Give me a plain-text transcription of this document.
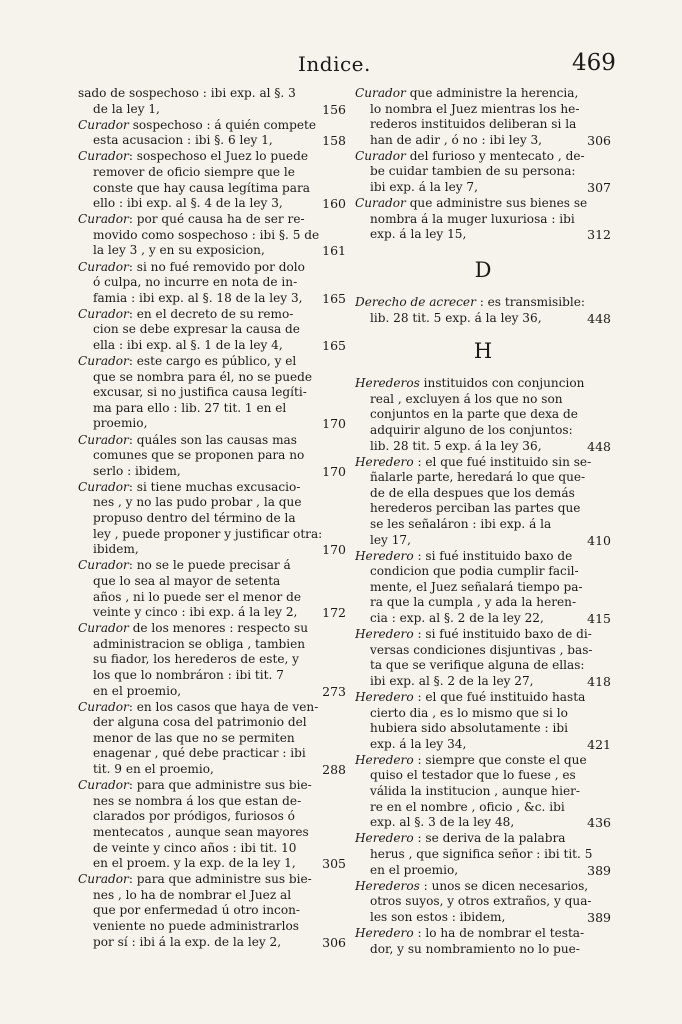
Indice.	469
sado de sospechoso : ibi exp. al §. 3
de la ley 1,	156
Curador sospechoso : á quién compete
esta acusacion : ibi §. 6 ley 1,	158
Curador: sospechoso el Juez lo puede
remover de oficio siempre que le
conste que hay causa legítima para
ello : ibi exp. al §. 4 de la ley 3,	160
Curador: por qué causa ha de ser re-
movido como sospechoso : ibi §. 5 de
la ley 3 , y en su exposicion,	161
Curador: si no fué removido por dolo
ó culpa, no incurre en nota de in-
famia : ibi exp. al §. 18 de la ley 3,	165
Curador: en el decreto de su remo-
cion se debe expresar la causa de
ella : ibi exp. al §. 1 de la ley 4,	165
Curador: este cargo es público, y el
que se nombra para él, no se puede
excusar, si no justifica causa legíti-
ma para ello : lib. 27 tit. 1 en el
proemio,	170
Curador: quáles son las causas mas
comunes que se proponen para no
serlo : ibidem,	170
Curador: si tiene muchas excusacio-
nes , y no las pudo probar , la que
propuso dentro del término de la
ley , puede proponer y justificar otra:
ibidem,	170
Curador: no se le puede precisar á
que lo sea al mayor de setenta
años , ni lo puede ser el menor de
veinte y cinco : ibi exp. á la ley 2,	172
Curador de los menores : respecto su
administracion se obliga , tambien
su fiador, los herederos de este, y
los que lo nombráron : ibi tit. 7
en el proemio,	273
Curador: en los casos que haya de ven-
der alguna cosa del patrimonio del
menor de las que no se permiten
enagenar , qué debe practicar : ibi
tit. 9 en el proemio,	288
Curador: para que administre sus bie-
nes se nombra á los que estan de-
clarados por pródigos, furiosos ó
mentecatos , aunque sean mayores
de veinte y cinco años : ibi tit. 10
en el proem. y la exp. de la ley 1,	305
Curador: para que administre sus bie-
nes , lo ha de nombrar el Juez al
que por enfermedad ú otro incon-
veniente no puede administrarlos
por sí : ibi á la exp. de la ley 2,	306
Curador que administre la herencia,
lo nombra el Juez mientras los he-
rederos instituidos deliberan si la
han de adir , ó no : ibi ley 3,	306
Curador del furioso y mentecato , de-
be cuidar tambien de su persona:
ibi exp. á la ley 7,	307
Curador que administre sus bienes se
nombra á la muger luxuriosa : ibi
exp. á la ley 15,	312
D
Derecho de acrecer : es transmisible:
lib. 28 tit. 5 exp. á la ley 36,	448
H
Herederos instituidos con conjuncion
real , excluyen á los que no son
conjuntos en la parte que dexa de
adquirir alguno de los conjuntos:
lib. 28 tit. 5 exp. á la ley 36,	448
Heredero : el que fué instituido sin se-
ñalarle parte, heredará lo que que-
de de ella despues que los demás
herederos perciban las partes que
se les señaláron : ibi exp. á la
ley 17,	410
Heredero : si fué instituido baxo de
condicion que podia cumplir facil-
mente, el Juez señalará tiempo pa-
ra que la cumpla , y ada la heren-
cia : exp. al §. 2 de la ley 22,	415
Heredero : si fué instituido baxo de di-
versas condiciones disjuntivas , bas-
ta que se verifique alguna de ellas:
ibi exp. al §. 2 de la ley 27,	418
Heredero : el que fué instituido hasta
cierto dia , es lo mismo que si lo
hubiera sido absolutamente : ibi
exp. á la ley 34,	421
Heredero : siempre que conste el que
quiso el testador que lo fuese , es
válida la institucion , aunque hier-
re en el nombre , oficio , &c. ibi
exp. al §. 3 de la ley 48,	436
Heredero : se deriva de la palabra
herus , que significa señor : ibi tit. 5
en el proemio,	389
Herederos : unos se dicen necesarios,
otros suyos, y otros extraños, y qua-
les son estos : ibidem,	389
Heredero : lo ha de nombrar el testa-
dor, y su nombramiento no lo pue-
